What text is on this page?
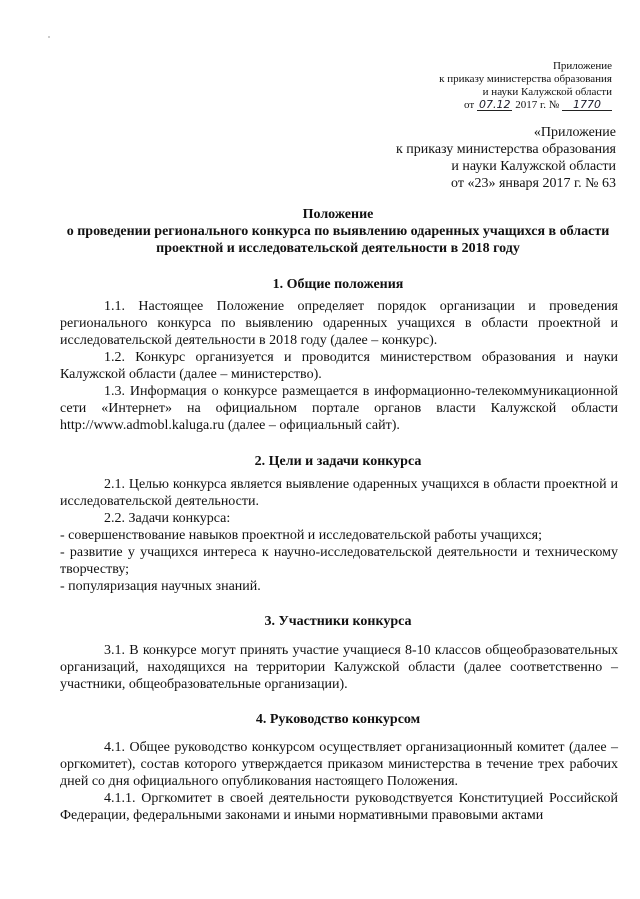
Приложение
к приказу министерства образования
и науки Калужской области
от 07.12 2017 г. № 1770
«Приложение
к приказу министерства образования
и науки Калужской области
от «23» января 2017 г. № 63
Положение
о проведении регионального конкурса по выявлению одаренных учащихся в области
проектной и исследовательской деятельности в 2018 году
1. Общие положения

1.1. Настоящее Положение определяет порядок организации и проведения регионального конкурса по выявлению одаренных учащихся в области проектной и исследовательской деятельности в 2018 году (далее – конкурс).

1.2. Конкурс организуется и проводится министерством образования и науки Калужской области (далее – министерство).

1.3. Информация о конкурсе размещается в информационно-телекоммуникационной сети «Интернет» на официальном портале органов власти Калужской области http://www.admobl.kaluga.ru (далее – официальный сайт).

2. Цели и задачи конкурса

2.1. Целью конкурса является выявление одаренных учащихся в области проектной и исследовательской деятельности.

2.2. Задачи конкурса:

- совершенствование навыков проектной и исследовательской работы учащихся;

- развитие у учащихся интереса к научно-исследовательской деятельности и техническому творчеству;

- популяризация научных знаний.

3. Участники конкурса

3.1. В конкурсе могут принять участие учащиеся 8-10 классов общеобразовательных организаций, находящихся на территории Калужской области (далее соответственно – участники, общеобразовательные организации).

4. Руководство конкурсом

4.1. Общее руководство конкурсом осуществляет организационный комитет (далее – оргкомитет), состав которого утверждается приказом министерства в течение трех рабочих дней со дня официального опубликования настоящего Положения.

4.1.1. Оргкомитет в своей деятельности руководствуется Конституцией Российской Федерации, федеральными законами и иными нормативными правовыми актами
